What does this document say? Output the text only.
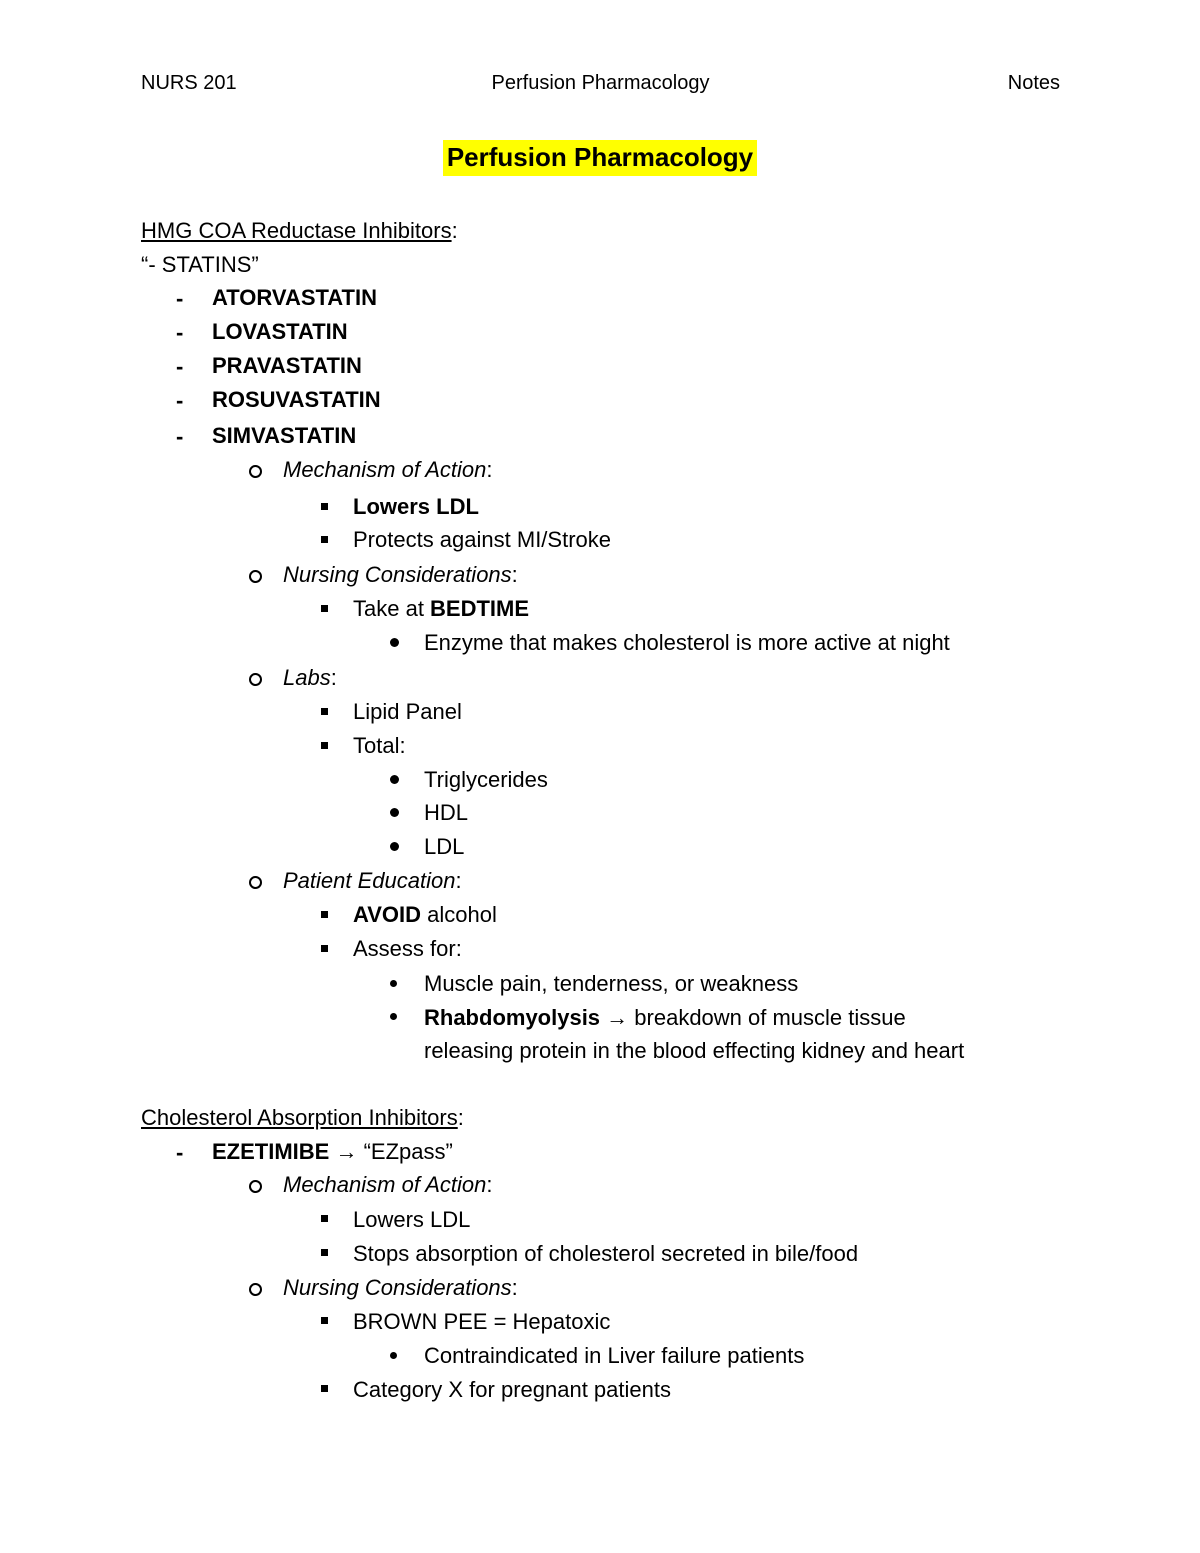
NURS 201	Perfusion Pharmacology	Notes
Perfusion Pharmacology
HMG COA Reductase Inhibitors:
“- STATINS”
- ATORVASTATIN
- LOVASTATIN
- PRAVASTATIN
- ROSUVASTATIN
- SIMVASTATIN
Mechanism of Action:
Lowers LDL
Protects against MI/Stroke
Nursing Considerations:
Take at BEDTIME
Enzyme that makes cholesterol is more active at night
Labs:
Lipid Panel
Total:
Triglycerides
HDL
LDL
Patient Education:
AVOID alcohol
Assess for:
Muscle pain, tenderness, or weakness
Rhabdomyolysis → breakdown of muscle tissue
releasing protein in the blood effecting kidney and heart
Cholesterol Absorption Inhibitors:
- EZETIMIBE → “EZpass”
Mechanism of Action:
Lowers LDL
Stops absorption of cholesterol secreted in bile/food
Nursing Considerations:
BROWN PEE = Hepatoxic
Contraindicated in Liver failure patients
Category X for pregnant patients
